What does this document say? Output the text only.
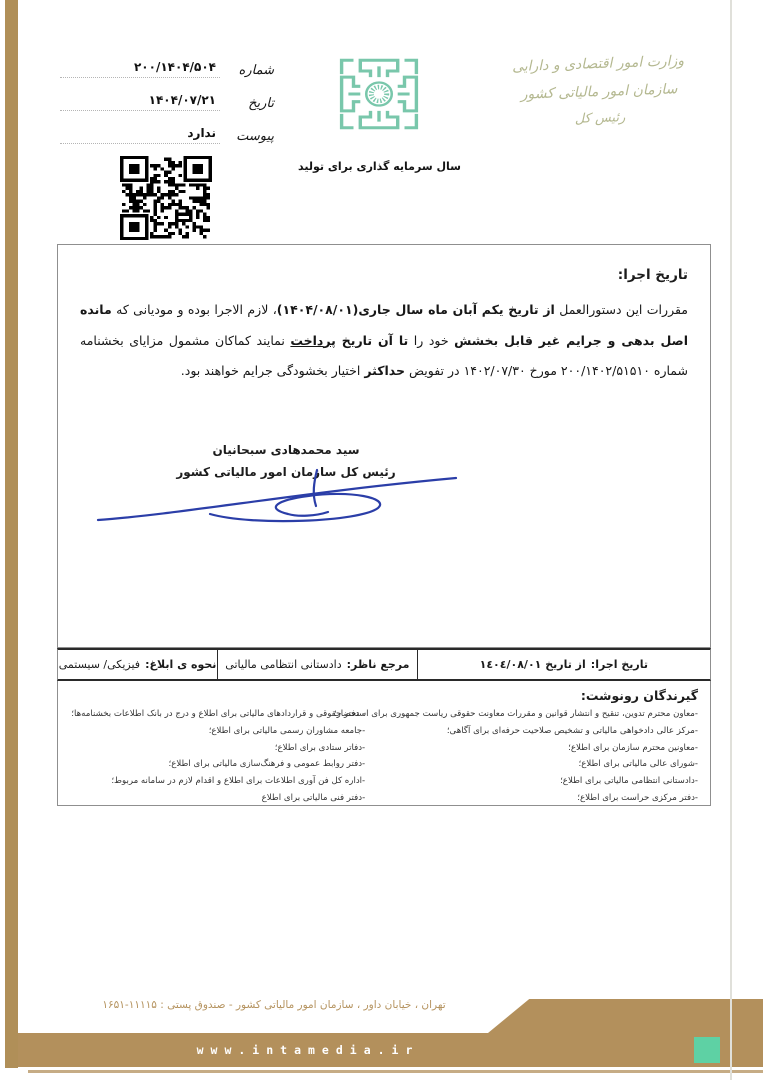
شماره
۲۰۰/۱۴۰۴/۵۰۴
تاریخ
۱۴۰۴/۰۷/۲۱
پیوست
ندارد
سال سرمایه گذاری برای تولید
وزارت امور اقتصادی و دارایی
سازمان امور مالیاتی کشور
رئیس کل
تاریخ اجرا:
مقررات این دستورالعمل از تاریخ یکم آبان ماه سال جاری(۱۴۰۴/۰۸/۰۱)، لازم الاجرا بوده و مودیانی که مانده اصل بدهی و جرایم غیر قابل بخشش خود را تا آن تاریخ پرداخت نمایند کماکان مشمول مزایای بخشنامه شماره ۲۰۰/۱۴۰۲/۵۱۵۱۰ مورخ ۱۴۰۲/۰۷/۳۰ در تفویض حداکثر اختیار بخشودگی جرایم خواهند بود.
سید محمدهادی سبحانیان
رئیس کل سازمان امور مالیاتی کشور
تاریخ اجرا:
از تاریخ ١٤٠٤/٠٨/٠١
مرجع ناظر:
دادستانی انتظامی مالیاتی
نحوه ی ابلاغ:
فیزیکی/ سیستمی
گیرندگان رونوشت:
-معاون محترم تدوین، تنقیح و انتشار قوانین و مقررات معاونت حقوقی ریاست جمهوری برای استحضار؛
-مرکز عالی دادخواهی مالیاتی و تشخیص صلاحیت حرفه‌ای برای آگاهی؛
-معاونین محترم سازمان برای اطلاع؛
-شورای عالی مالیاتی برای اطلاع؛
-دادستانی انتظامی مالیاتی برای اطلاع؛
-دفتر مرکزی حراست برای اطلاع؛
- دفتر حقوقی و قراردادهای مالیاتی برای اطلاع و درج در بانک اطلاعات بخشنامه‌ها؛
-جامعه مشاوران رسمی مالیاتی برای اطلاع؛
-دفاتر ستادی برای اطلاع؛
-دفتر روابط عمومی و فرهنگ‌سازی مالیاتی برای اطلاع؛
-اداره کل فن آوری اطلاعات برای اطلاع و اقدام لازم در سامانه مربوط؛
-دفتر فنی مالیاتی برای اطلاع
تهران ، خیابان داور ، سازمان امور مالیاتی کشور - صندوق پستی : ۱۱۱۱۵-۱۶۵۱
www.intamedia.ir
